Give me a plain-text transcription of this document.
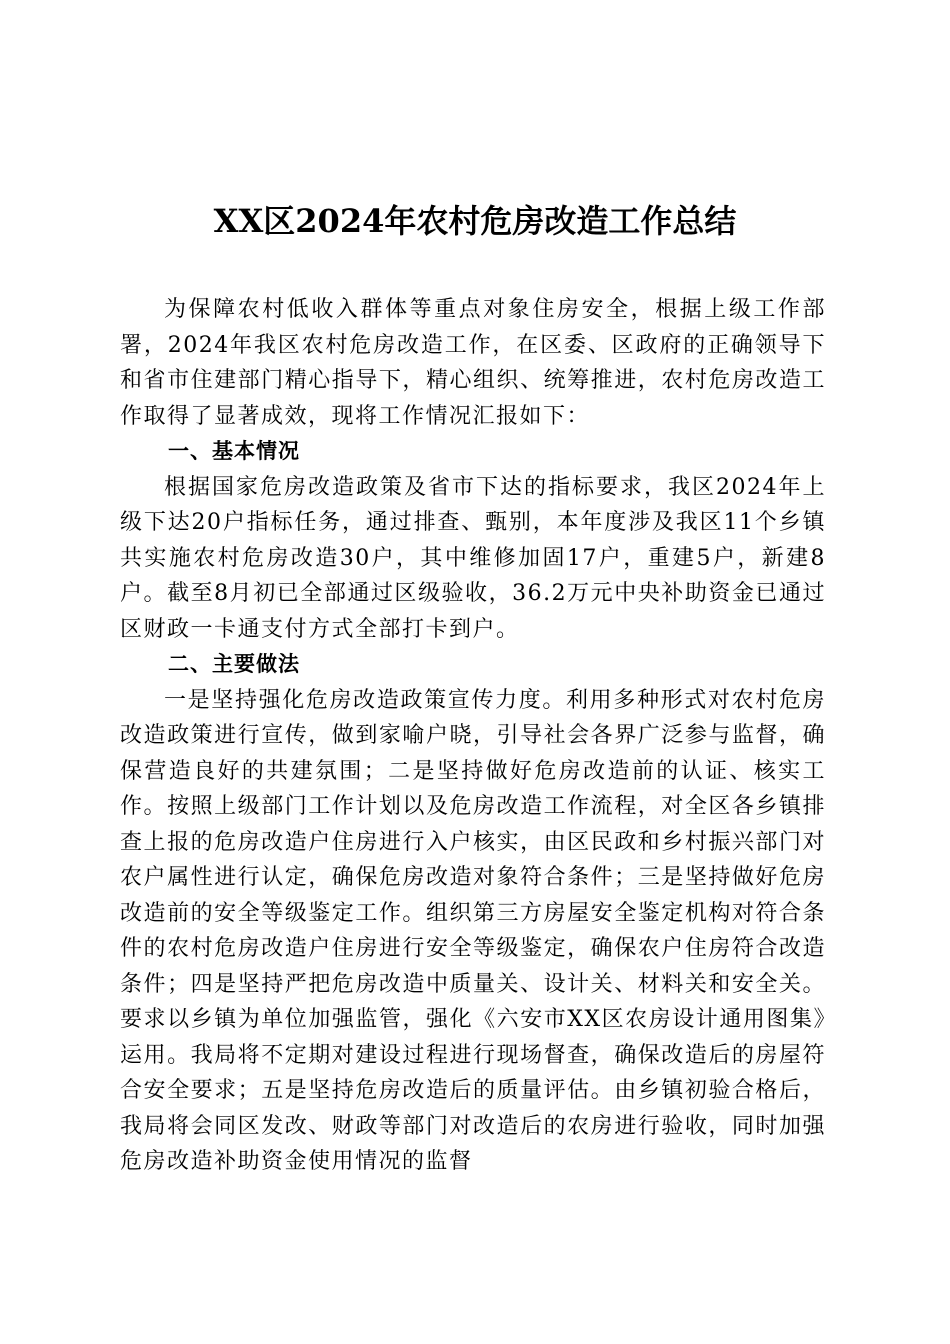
XX区2024年农村危房改造工作总结

为保障农村低收入群体等重点对象住房安全，根据上级工作部署，2024年我区农村危房改造工作，在区委、区政府的正确领导下和省市住建部门精心指导下，精心组织、统筹推进，农村危房改造工作取得了显著成效，现将工作情况汇报如下：

一、基本情况

根据国家危房改造政策及省市下达的指标要求，我区2024年上级下达20户指标任务，通过排查、甄别，本年度涉及我区11个乡镇共实施农村危房改造30户，其中维修加固17户，重建5户，新建8户。截至8月初已全部通过区级验收，36.2万元中央补助资金已通过区财政一卡通支付方式全部打卡到户。

二、主要做法

一是坚持强化危房改造政策宣传力度。利用多种形式对农村危房改造政策进行宣传，做到家喻户晓，引导社会各界广泛参与监督，确保营造良好的共建氛围；二是坚持做好危房改造前的认证、核实工作。按照上级部门工作计划以及危房改造工作流程，对全区各乡镇排查上报的危房改造户住房进行入户核实，由区民政和乡村振兴部门对农户属性进行认定，确保危房改造对象符合条件；三是坚持做好危房改造前的安全等级鉴定工作。组织第三方房屋安全鉴定机构对符合条件的农村危房改造户住房进行安全等级鉴定，确保农户住房符合改造条件；四是坚持严把危房改造中质量关、设计关、材料关和安全关。要求以乡镇为单位加强监管，强化《六安市XX区农房设计通用图集》运用。我局将不定期对建设过程进行现场督查，确保改造后的房屋符合安全要求；五是坚持危房改造后的质量评估。由乡镇初验合格后，我局将会同区发改、财政等部门对改造后的农房进行验收，同时加强危房改造补助资金使用情况的监督
